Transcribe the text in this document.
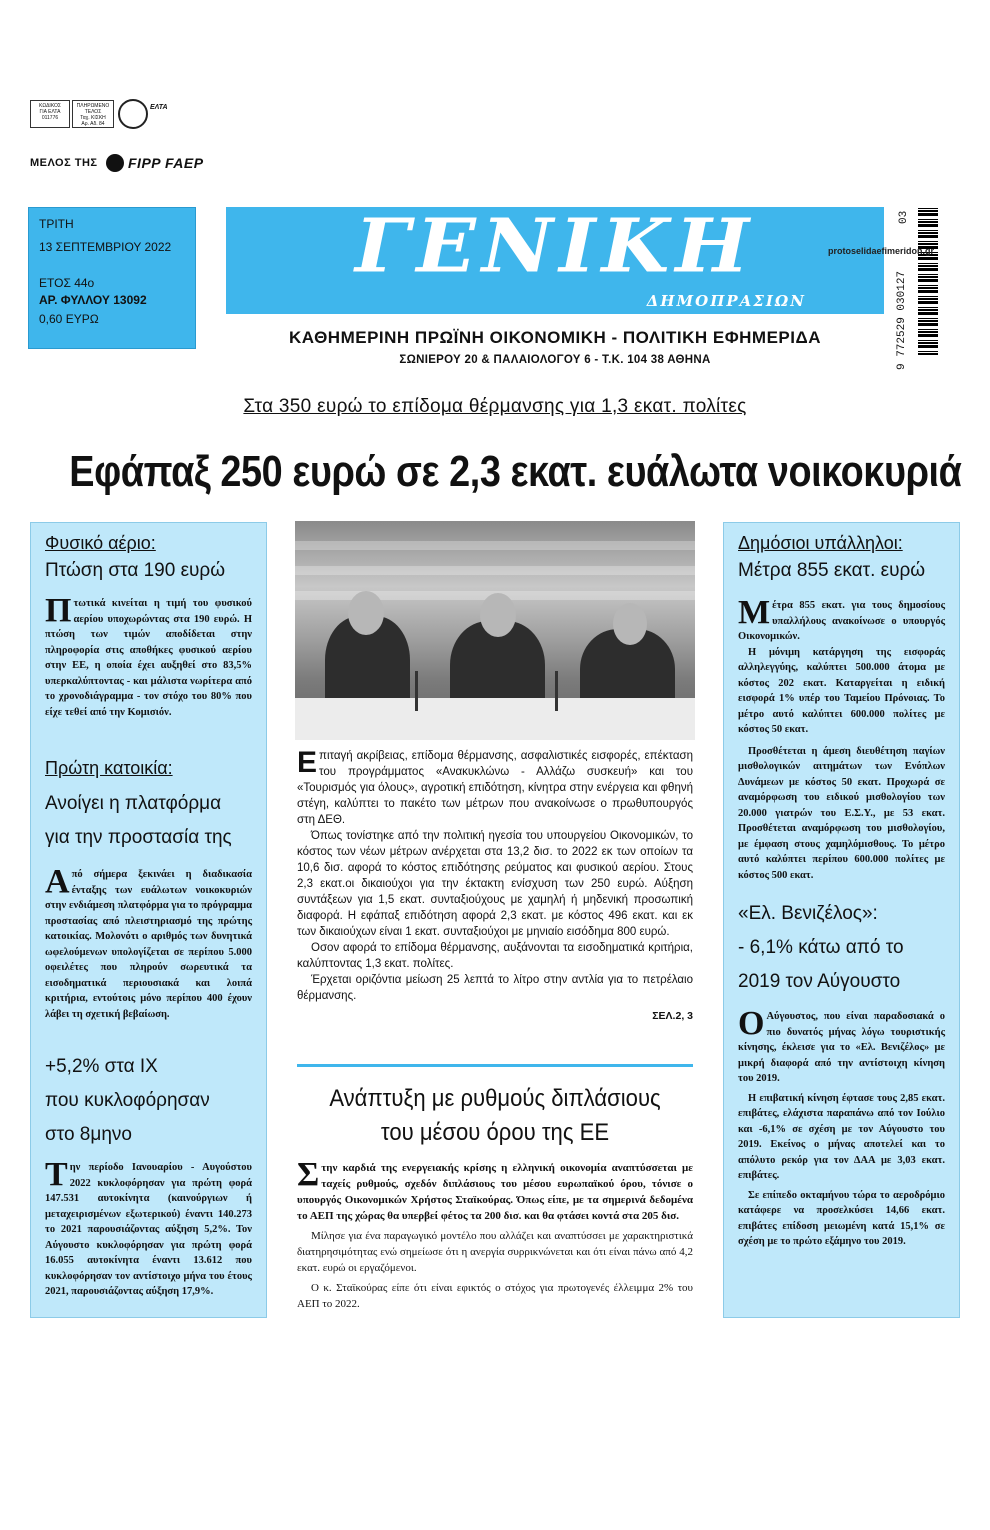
ΚΩΔΙΚΟΣ
ΓΙΑ ΕΛΤΑ
011776
ΠΛΗΡΩΜΕΝΟ
ΤΕΛΟΣ
Ταχ. ΚΙΣΚΗ
Αρ. Αδ. 84
ΕΛΤΑ
ΜΕΛΟΣ ΤΗΣ FIPP FAEP
ΤΡΙΤΗ
13 ΣΕΠΤΕΜΒΡΙΟΥ 2022
ΕΤΟΣ 44ο
ΑΡ. ΦΥΛΛΟΥ 13092
0,60 ΕΥΡΩ
ΓΕΝΙΚΗ
ΔΗΜΟΠΡΑΣΙΩΝ
ΚΑΘΗΜΕΡΙΝΗ ΠΡΩΪΝΗ ΟΙΚΟΝΟΜΙΚΗ - ΠΟΛΙΤΙΚΗ ΕΦΗΜΕΡΙΔΑ
ΣΩΝΙΕΡΟΥ 20 & ΠΑΛΑΙΟΛΟΓΟΥ 6 - Τ.Κ. 104 38 ΑΘΗΝΑ	9 772529 030127
03
protoselidaefimeridon.gr
Στα 350 ευρώ το επίδομα θέρμανσης για 1,3 εκατ. πολίτες
Εφάπαξ 250 ευρώ σε 2,3 εκατ. ευάλωτα νοικοκυριά
Φυσικό αέριο:
Πτώση στα 190 ευρώ
Πτωτικά κινείται η τιμή του φυσικού αερίου υποχωρώντας στα 190 ευρώ. Η πτώση των τιμών αποδίδεται στην πληροφορία στις αποθήκες φυσικού αερίου στην ΕΕ, η οποία έχει αυξηθεί στο 83,5% υπερκαλύπτοντας - και μάλιστα νωρίτερα από το χρονοδιάγραμμα - τον στόχο του 80% που είχε τεθεί από την Κομισιόν.
Πρώτη κατοικία:
Ανοίγει η πλατφόρμα
για την προστασία της
Από σήμερα ξεκινάει η διαδικασία ένταξης των ευάλωτων νοικοκυριών στην ενδιάμεση πλατφόρμα για το πρόγραμμα προστασίας από πλειστηριασμό της πρώτης κατοικίας. Μολονότι ο αριθμός των δυνητικά ωφελούμενων υπολογίζεται σε περίπου 5.000 οφειλέτες που πληρούν σωρευτικά τα εισοδηματικά περιουσιακά και λοιπά κριτήρια, εντούτοις μόνο περίπου 400 έχουν λάβει τη σχετική βεβαίωση.
+5,2% στα ΙΧ
που κυκλοφόρησαν
στο 8μηνο
Την περίοδο Ιανουαρίου - Αυγούστου 2022 κυκλοφόρησαν για πρώτη φορά 147.531 αυτοκίνητα (καινούργιων ή μεταχειρισμένων εξωτερικού) έναντι 140.273 το 2021 παρουσιάζοντας αύξηση 5,2%. Τον Αύγουστο κυκλοφόρησαν για πρώτη φορά 16.055 αυτοκίνητα έναντι 13.612 που κυκλοφόρησαν τον αντίστοιχο μήνα του έτους 2021, παρουσιάζοντας αύξηση 17,9%.
Επιταγή ακρίβειας, επίδομα θέρμανσης, ασφαλιστικές εισφορές, επέκταση του προγράμματος «Ανακυκλώνω - Αλλάζω συσκευή» και του «Τουρισμός για όλους», αγροτική επιδότηση, κίνητρα στην ενέργεια και φθηνή στέγη, καλύπτει το πακέτο των μέτρων που ανακοίνωσε ο πρωθυπουργός στη ΔΕΘ.

Όπως τονίστηκε από την πολιτική ηγεσία του υπουργείου Οικονομικών, το κόστος των νέων μέτρων ανέρχεται στα 13,2 δισ. το 2022 εκ των οποίων τα 10,6 δισ. αφορά το κόστος επιδότησης ρεύματος και φυσικού αερίου. Στους 2,3 εκατ.οι δικαιούχοι για την έκτακτη ενίσχυση των 250 ευρώ. Αύξηση συντάξεων για 1,5 εκατ. συνταξιούχους με χαμηλή ή μηδενική προσωπική διαφορά. Η εφάπαξ επιδότηση αφορά 2,3 εκατ. με κόστος 496 εκατ. και εκ των δικαιούχων είναι 1 εκατ. συνταξιούχοι με μηνιαίο εισόδημα 800 ευρώ.

Οσον αφορά το επίδομα θέρμανσης, αυξάνονται τα εισοδηματικά κριτήρια, καλύπτοντας 1,3 εκατ. πολίτες.

Έρχεται οριζόντια μείωση 25 λεπτά το λίτρο στην αντλία για το πετρέλαιο θέρμανσης.

ΣΕΛ.2, 3
Ανάπτυξη με ρυθμούς διπλάσιους
του μέσου όρου της ΕΕ
Στην καρδιά της ενεργειακής κρίσης η ελληνική οικονομία αναπτύσσεται με ταχείς ρυθμούς, σχεδόν διπλάσιους του μέσου ευρωπαϊκού όρου, τόνισε ο υπουργός Οικονομικών Χρήστος Σταϊκούρας. Όπως είπε, με τα σημερινά δεδομένα το ΑΕΠ της χώρας θα υπερβεί φέτος τα 200 δισ. και θα φτάσει κοντά στα 205 δισ.

Μίλησε για ένα παραγωγικό μοντέλο που αλλάζει και αναπτύσσει με χαρακτηριστικά διατηρησιμότητας ενώ σημείωσε ότι η ανεργία συρρικνώνεται και ότι είναι πάνω από 4,2 εκατ. ευρώ οι εργαζόμενοι.

Ο κ. Σταϊκούρας είπε ότι είναι εφικτός ο στόχος για πρωτογενές έλλειμμα 2% του ΑΕΠ το 2022.

Δημόσιοι υπάλληλοι:
Μέτρα 855 εκατ. ευρώ
Μέτρα 855 εκατ. για τους δημοσίους υπαλλήλους ανακοίνωσε ο υπουργός Οικονομικών.
Η μόνιμη κατάργηση της εισφοράς αλληλεγγύης, καλύπτει 500.000 άτομα με κόστος 202 εκατ. Καταργείται η ειδική εισφορά 1% υπέρ του Ταμείου Πρόνοιας. Το μέτρο αυτό καλύπτει 600.000 πολίτες με κόστος 50 εκατ.
Προσθέτεται η άμεση διευθέτηση παγίων μισθολογικών αιτημάτων των Ενόπλων Δυνάμεων με κόστος 50 εκατ. Προχωρά σε αναμόρφωση του ειδικού μισθολογίου των 20.000 γιατρών του Ε.Σ.Υ., με 53 εκατ. Προσθέτεται αναμόρφωση του μισθολογίου, με έμφαση στους χαμηλόμισθους. Το μέτρο αυτό καλύπτει περίπου 600.000 πολίτες με κόστος 500 εκατ.
«Ελ. Βενιζέλος»:
- 6,1% κάτω από το
2019 τον Αύγουστο
Ο Αύγουστος, που είναι παραδοσιακά ο πιο δυνατός μήνας λόγω τουριστικής κίνησης, έκλεισε για το «Ελ. Βενιζέλος» με μικρή διαφορά από την αντίστοιχη κίνηση του 2019.
Η επιβατική κίνηση έφτασε τους 2,85 εκατ. επιβάτες, ελάχιστα παραπάνω από τον Ιούλιο και -6,1% σε σχέση με τον Αύγουστο του 2019. Εκείνος ο μήνας αποτελεί και το απόλυτο ρεκόρ για τον ΔΑΑ με 3,03 εκατ. επιβάτες.
Σε επίπεδο οκταμήνου τώρα το αεροδρόμιο κατάφερε να προσελκύσει 14,66 εκατ. επιβάτες επίδοση μειωμένη κατά 15,1% σε σχέση με το πρώτο εξάμηνο του 2019.
